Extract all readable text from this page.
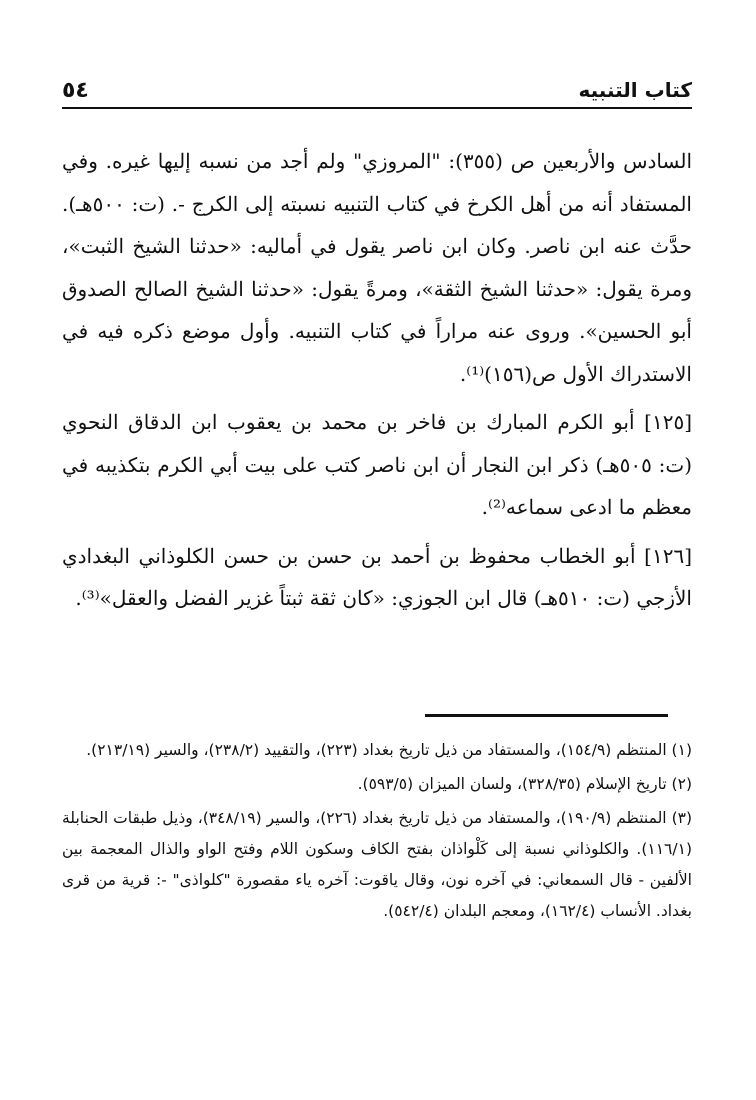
٥٤	كتاب التنبيه

السادس والأربعين ص (٣٥٥): "المروزي" ولم أجد من نسبه إليها غيره. وفي المستفاد أنه من أهل الكرخ في كتاب التنبيه نسبته إلى الكرج -. (ت: ٥٠٠هـ). حدَّث عنه ابن ناصر. وكان ابن ناصر يقول في أماليه: «حدثنا الشيخ الثبت»، ومرة يقول: «حدثنا الشيخ الثقة»، ومرةً يقول: «حدثنا الشيخ الصالح الصدوق أبو الحسين». وروى عنه مراراً في كتاب التنبيه. وأول موضع ذكره فيه في الاستدراك الأول ص(١٥٦)⁽¹⁾.

[١٢٥] أبو الكرم المبارك بن فاخر بن محمد بن يعقوب ابن الدقاق النحوي (ت: ٥٠٥هـ) ذكر ابن النجار أن ابن ناصر كتب على بيت أبي الكرم بتكذيبه في معظم ما ادعى سماعه⁽²⁾.

[١٢٦] أبو الخطاب محفوظ بن أحمد بن حسن بن حسن الكلوذاني البغدادي الأزجي (ت: ٥١٠هـ) قال ابن الجوزي: «كان ثقة ثبتاً غزير الفضل والعقل»⁽³⁾.

(١) المنتظم (١٥٤/٩)، والمستفاد من ذيل تاريخ بغداد (٢٢٣)، والتقييد (٢٣٨/٢)، والسير (٢١٣/١٩).

(٢) تاريخ الإسلام (٣٢٨/٣٥)، ولسان الميزان (٥٩٣/٥).

(٣) المنتظم (١٩٠/٩)، والمستفاد من ذيل تاريخ بغداد (٢٢٦)، والسير (٣٤٨/١٩)، وذيل طبقات الحنابلة (١١٦/١). والكلوذاني نسبة إلى كَلْواذان بفتح الكاف وسكون اللام وفتح الواو والذال المعجمة بين الألفين - قال السمعاني: في آخره نون، وقال ياقوت: آخره ياء مقصورة "كلواذى" -: قرية من قرى بغداد. الأنساب (١٦٢/٤)، ومعجم البلدان (٥٤٢/٤).
